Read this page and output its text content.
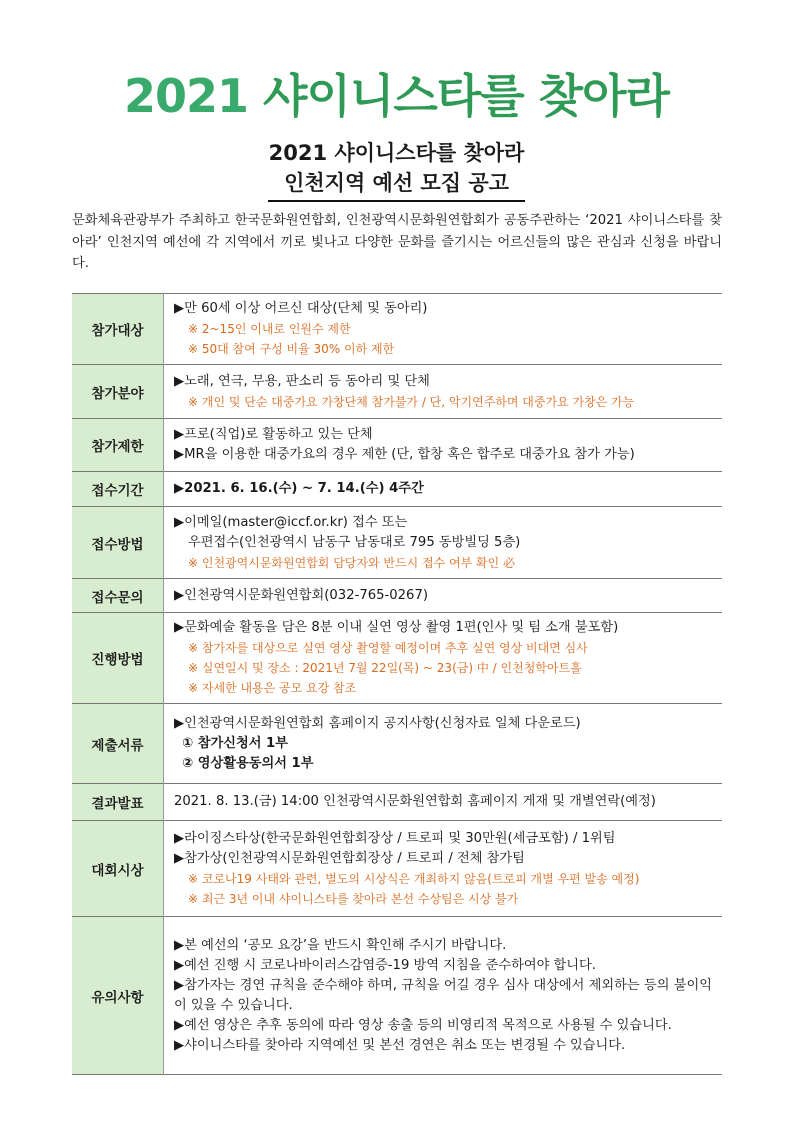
2021 샤이니스타를 찾아라
2021 샤이니스타를 찾아라
인천지역 예선 모집 공고
문화체육관광부가 주최하고 한국문화원연합회, 인천광역시문화원연합회가 공동주관하는 ‘2021 샤이니스타를 찾아라’ 인천지역 예선에 각 지역에서 끼로 빛나고 다양한 문화를 즐기시는 어르신들의 많은 관심과 신청을 바랍니다.
참가대상	▶만 60세 이상 어르신 대상(단체 및 동아리)
※ 2~15인 이내로 인원수 제한
※ 50대 참여 구성 비율 30% 이하 제한

참가분야	▶노래, 연극, 무용, 판소리 등 동아리 및 단체
※ 개인 및 단순 대중가요 가창단체 참가불가 / 단, 악기연주하며 대중가요 가창은 가능

참가제한	▶프로(직업)로 활동하고 있는 단체
▶MR을 이용한 대중가요의 경우 제한 (단, 합창 혹은 합주로 대중가요 참가 가능)

접수기간	▶2021. 6. 16.(수) ~ 7. 14.(수) 4주간

접수방법	▶이메일(master@iccf.or.kr) 접수 또는
우편접수(인천광역시 남동구 남동대로 795 동방빌딩 5층)
※ 인천광역시문화원연합회 담당자와 반드시 접수 여부 확인 必

접수문의	▶인천광역시문화원연합회(032-765-0267)

진행방법	▶문화예술 활동을 담은 8분 이내 실연 영상 촬영 1편(인사 및 팀 소개 불포함)
※ 참가자를 대상으로 실연 영상 촬영할 예정이며 추후 실연 영상 비대면 심사
※ 실연일시 및 장소 : 2021년 7월 22일(목) ~ 23(금) 中 / 인천청학아트홀
※ 자세한 내용은 공모 요강 참조

제출서류	▶인천광역시문화원연합회 홈페이지 공지사항(신청자료 일체 다운로드)
① 참가신청서 1부
② 영상활용동의서 1부

결과발표	2021. 8. 13.(금) 14:00 인천광역시문화원연합회 홈페이지 게재 및 개별연락(예정)

대회시상	▶라이징스타상(한국문화원연합회장상 / 트로피 및 30만원(세금포함) / 1위팀
▶참가상(인천광역시문화원연합회장상 / 트로피 / 전체 참가팀
※ 코로나19 사태와 관련, 별도의 시상식은 개최하지 않음(트로피 개별 우편 발송 예정)
※ 최근 3년 이내 샤이니스타를 찾아라 본선 수상팀은 시상 불가

유의사항	▶본 예선의 ‘공모 요강’을 반드시 확인해 주시기 바랍니다.
▶예선 진행 시 코로나바이러스감염증-19 방역 지침을 준수하여야 합니다.
▶참가자는 경연 규칙을 준수해야 하며, 규칙을 어길 경우 심사 대상에서 제외하는 등의 불이익이 있을 수 있습니다.
▶예선 영상은 추후 동의에 따라 영상 송출 등의 비영리적 목적으로 사용될 수 있습니다.
▶샤이니스타를 찾아라 지역예선 및 본선 경연은 취소 또는 변경될 수 있습니다.
